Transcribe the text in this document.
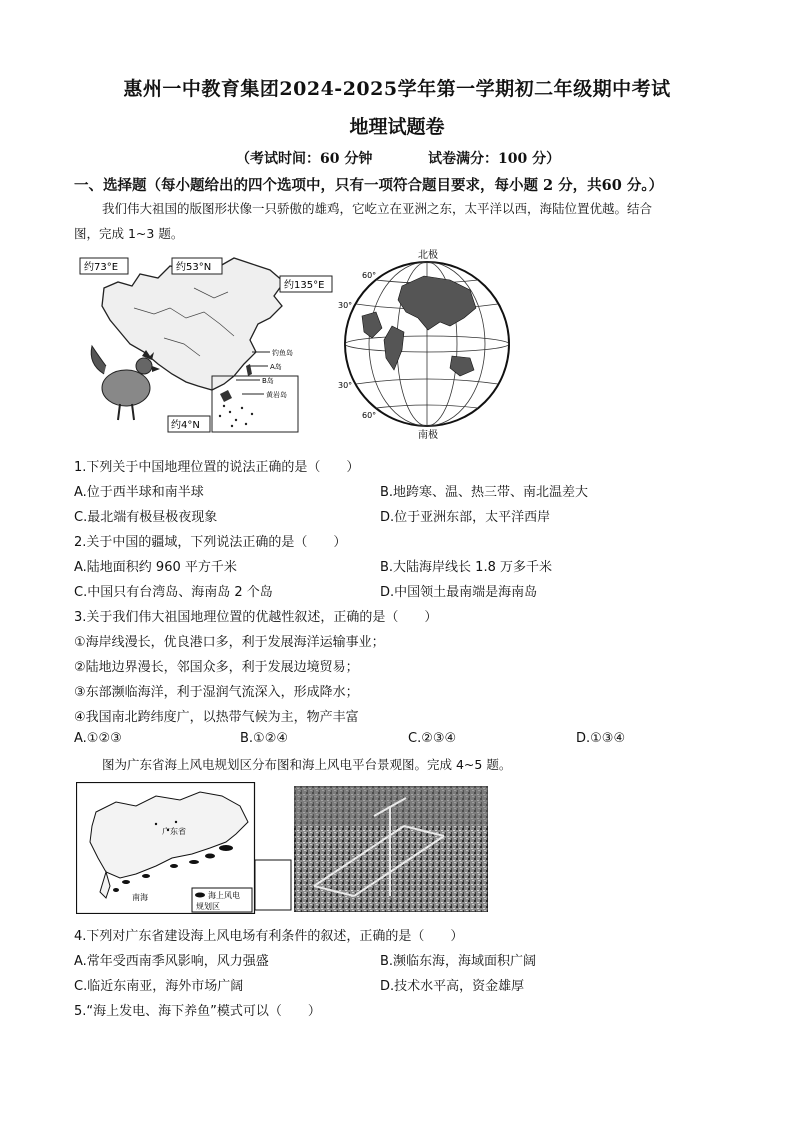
惠州一中教育集团2024-2025学年第一学期初二年级期中考试
地理试题卷
（考试时间：60 分钟	试卷满分：100 分）
一、选择题（每小题给出的四个选项中，只有一项符合题目要求，每小题 2 分，共60 分。）
我们伟大祖国的版图形状像一只骄傲的雄鸡，它屹立在亚洲之东，太平洋以西，海陆位置优越。结合
图，完成 1~3 题。
约73°E	约53°N
约135°E
约4°N
钓鱼岛
A岛
B岛
黄岩岛
北极
南极
30°
60°
30°
60°
1.下列关于中国地理位置的说法正确的是（　　）
A.位于西半球和南半球	B.地跨寒、温、热三带、南北温差大
C.最北端有极昼极夜现象	D.位于亚洲东部，太平洋西岸
2.关于中国的疆域，下列说法正确的是（　　）
A.陆地面积约 960 平方千米	B.大陆海岸线长 1.8 万多千米
C.中国只有台湾岛、海南岛 2 个岛	D.中国领土最南端是海南岛
3.关于我们伟大祖国地理位置的优越性叙述，正确的是（　　）
①海岸线漫长，优良港口多，利于发展海洋运输事业；
②陆地边界漫长，邻国众多，利于发展边境贸易；
③东部濒临海洋，利于湿润气流深入，形成降水；
④我国南北跨纬度广，以热带气候为主，物产丰富
A.①②③	B.①②④	C.②③④	D.①③④
图为广东省海上风电规划区分布图和海上风电平台景观图。完成 4~5 题。
广东省
南海	海上风电
规划区
4.下列对广东省建设海上风电场有利条件的叙述，正确的是（　　）
A.常年受西南季风影响，风力强盛	B.濒临东海，海域面积广阔
C.临近东南亚，海外市场广阔	D.技术水平高，资金雄厚
5.“海上发电、海下养鱼”模式可以（　　）
